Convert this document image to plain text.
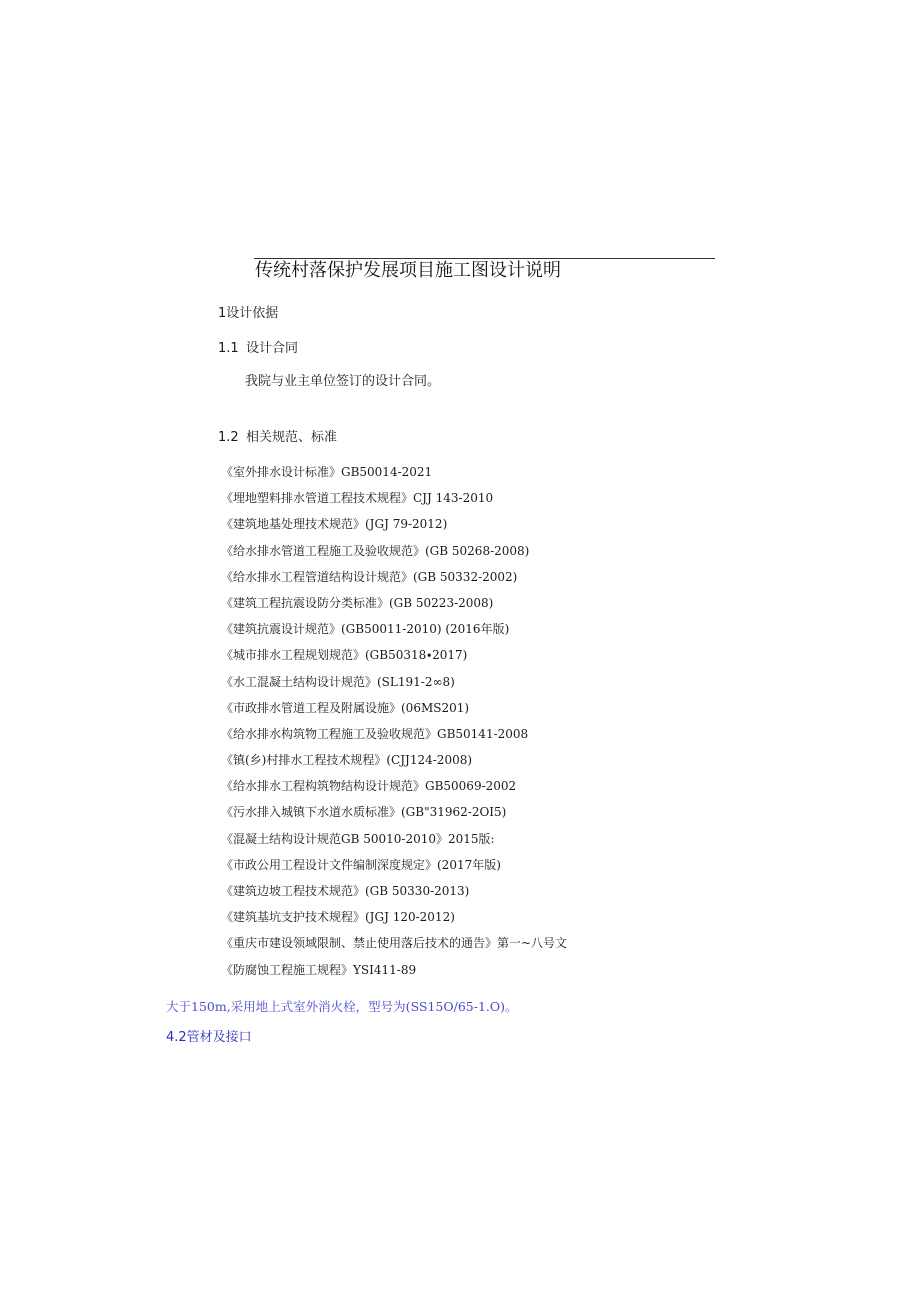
传统村落保护发展项目施工图设计说明
1设计依据
1.1 设计合同
我院与业主单位签订的设计合同。
1.2 相关规范、标准
《室外排水设计标准》GB50014-2021
《埋地塑料排水管道工程技术规程》CJJ 143-2010
《建筑地基处理技术规范》(JGJ 79-2012)
《给水排水管道工程施工及验收规范》(GB 50268-2008)
《给水排水工程管道结构设计规范》(GB 50332-2002)
《建筑工程抗震设防分类标准》(GB 50223-2008)
《建筑抗震设计规范》(GB50011-2010) (2016年版)
《城市排水工程规划规范》(GB50318∙2017)
《水工混凝土结构设计规范》(SL191-2∞8)
《市政排水管道工程及附属设施》(06MS201)
《给水排水构筑物工程施工及验收规范》GB50141-2008
《镇(乡)村排水工程技术规程》(CJJ124-2008)
《给水排水工程构筑物结构设计规范》GB50069-2002
《污水排入城镇下水道水质标准》(GB"31962-2OI5)
《混凝土结构设计规范GB 50010-2010》2015版:
《市政公用工程设计文件编制深度规定》(2017年版)
《建筑边坡工程技术规范》(GB 50330-2013)
《建筑基坑支护技术规程》(JGJ 120-2012)
《重庆市建设领域限制、禁止使用落后技术的通告》第一~八号文
《防腐蚀工程施工规程》YSI411-89
大于150m,采用地上式室外消火栓，型号为(SS15O∕65-1.O)。
4.2管材及接口
